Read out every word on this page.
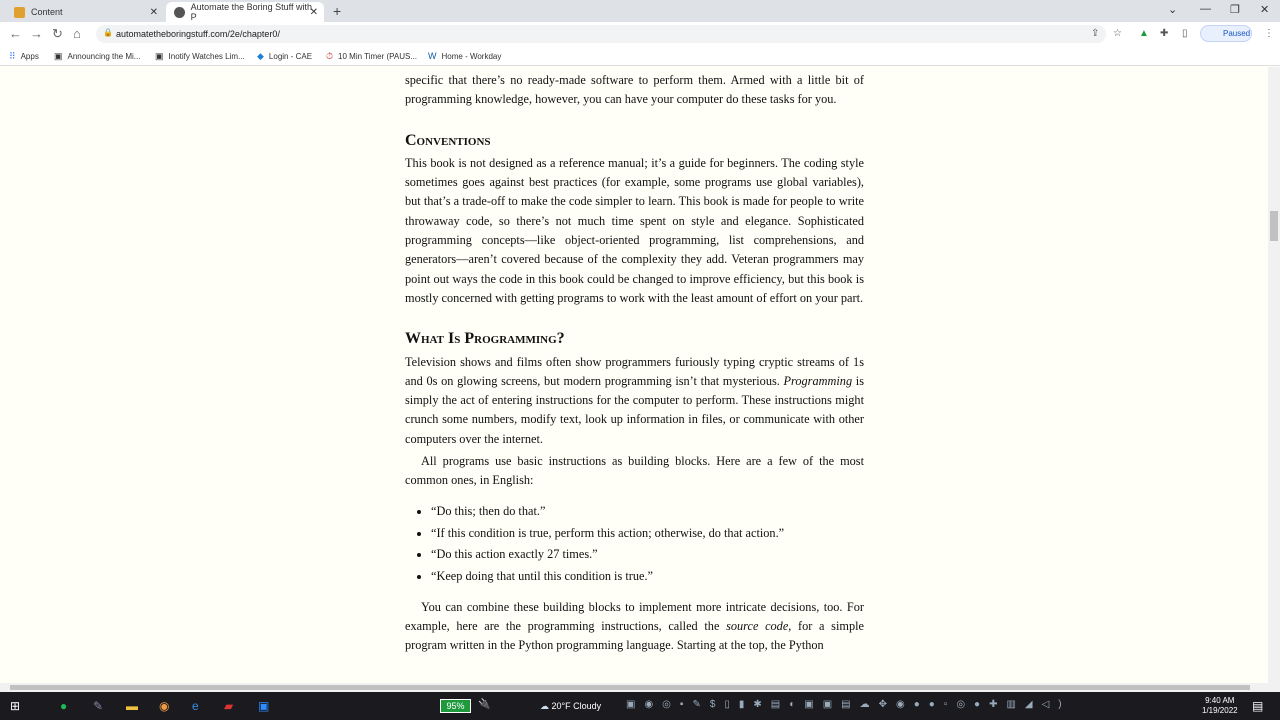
Content	✕	Automate the Boring Stuff with P	✕ +	⌄ — ❐ ✕
← → ↻ ⌂	🔒 automatetheboringstuff.com/2e/chapter0/	⇪ ☆ ▲ ✚ ▯	Paused ⋮
⠿ Apps ▣ Announcing the Mi... ▣ Inotify Watches Lim... ◆ Login - CAE ⏱ 10 Min Timer (PAUS... W Home - Workday

specific that there’s no ready-made software to perform them. Armed with a little bit of programming knowledge, however, you can have your computer do these tasks for you.

Conventions

This book is not designed as a reference manual; it’s a guide for beginners. The coding style sometimes goes against best practices (for example, some programs use global variables), but that’s a trade-off to make the code simpler to learn. This book is made for people to write throwaway code, so there’s not much time spent on style and elegance. Sophisticated programming concepts—like object-oriented programming, list comprehensions, and generators—aren’t covered because of the complexity they add. Veteran programmers may point out ways the code in this book could be changed to improve efficiency, but this book is mostly concerned with getting programs to work with the least amount of effort on your part.

What Is Programming?

Television shows and films often show programmers furiously typing cryptic streams of 1s and 0s on glowing screens, but modern programming isn’t that mysterious. Programming is simply the act of entering instructions for the computer to perform. These instructions might crunch some numbers, modify text, look up information in files, or communicate with other computers over the internet.

All programs use basic instructions as building blocks. Here are a few of the most common ones, in English:

• “Do this; then do that.”
• “If this condition is true, perform this action; otherwise, do that action.”
• “Do this action exactly 27 times.”
• “Keep doing that until this condition is true.”

You can combine these building blocks to implement more intricate decisions, too. For example, here are the programming instructions, called the source code, for a simple program written in the Python programming language. Starting at the top, the Python

⊞	● ✎ ▬ ◉ e ▰ ▣	95%	🔌	☁ 20°F Cloudy ▣◉◎▪✎$▯▮✱▤◐▣▣▤☁✥◉●●▫◎●✚▥◢◁)	9:40 AM
1/19/2022 ▤
